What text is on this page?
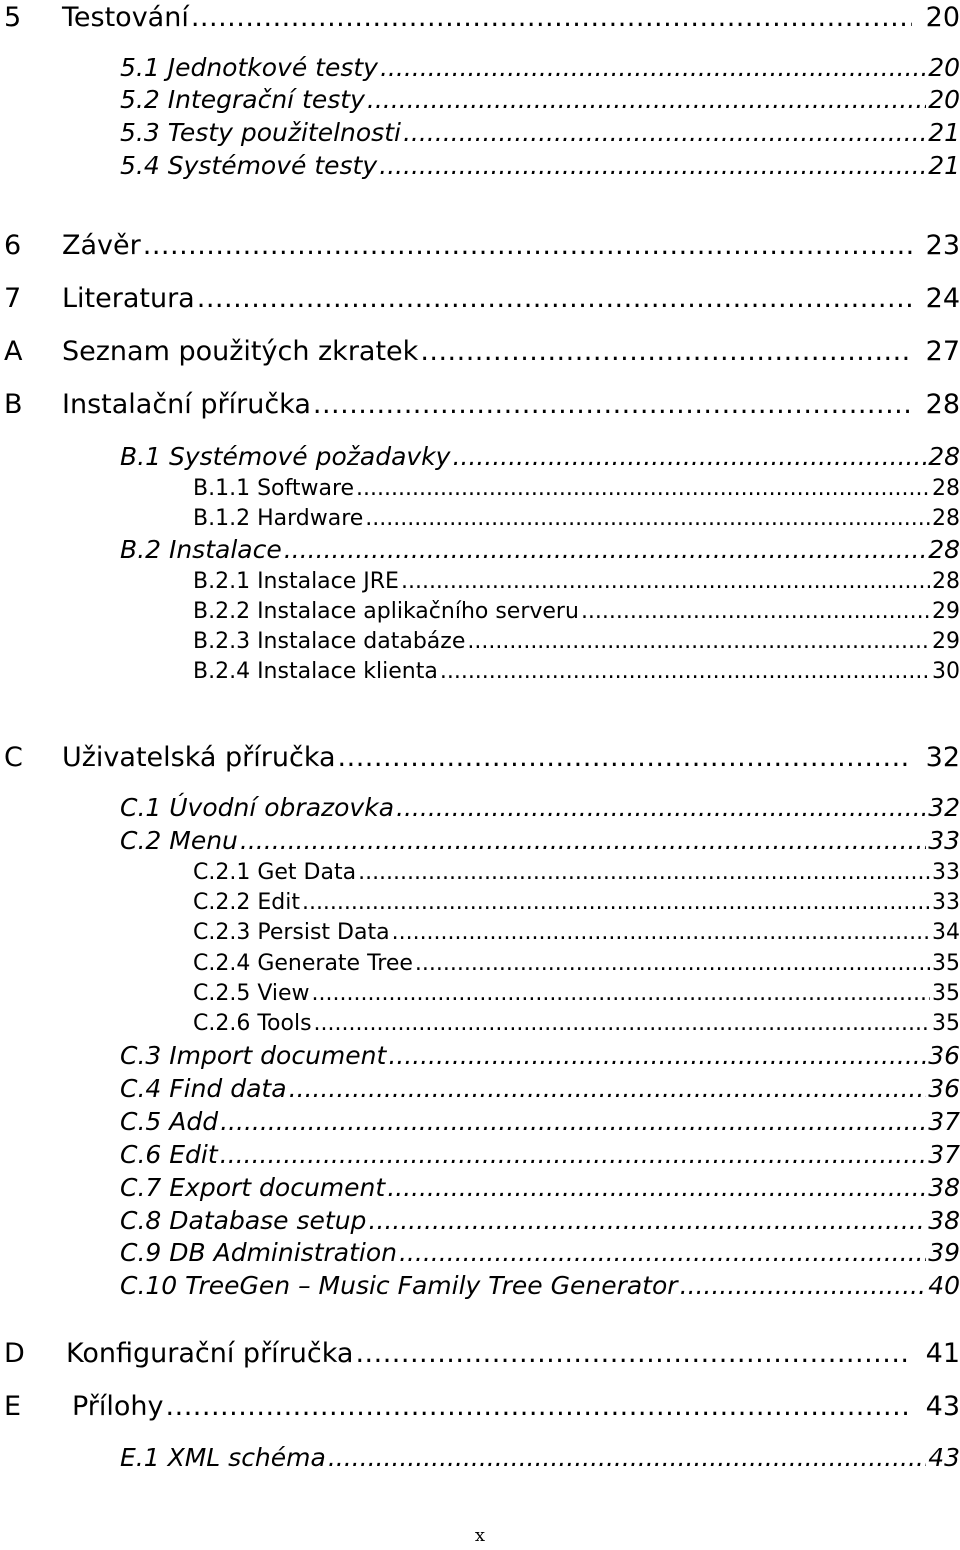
5	Testování .....	20
5.1 Jednotkové testy .....	20
5.2 Integrační testy .....	20
5.3 Testy použitelnosti .....	21
5.4 Systémové testy .....	21
6	Závěr .....	23
7	Literatura .....	24
A	Seznam použitých zkratek .....	27
B	Instalační příručka .....	28
B.1 Systémové požadavky .....	28
B.1.1 Software .....	28
B.1.2 Hardware .....	28
B.2 Instalace .....	28
B.2.1 Instalace JRE .....	28
B.2.2 Instalace aplikačního serveru .....	29
B.2.3 Instalace databáze .....	29
B.2.4 Instalace klienta .....	30
C	Uživatelská příručka .....	32
C.1 Úvodní obrazovka .....	32
C.2 Menu .....	33
C.2.1 Get Data .....	33
C.2.2 Edit .....	33
C.2.3 Persist Data .....	34
C.2.4 Generate Tree .....	35
C.2.5 View .....	35
C.2.6 Tools .....	35
C.3 Import document .....	36
C.4 Find data .....	36
C.5 Add .....	37
C.6 Edit .....	37
C.7 Export document .....	38
C.8 Database setup .....	38
C.9 DB Administration .....	39
C.10 TreeGen – Music Family Tree Generator .....	40
D	Konfigurační příručka .....	41
E	Přílohy .....	43
E.1 XML schéma .....	43
x
